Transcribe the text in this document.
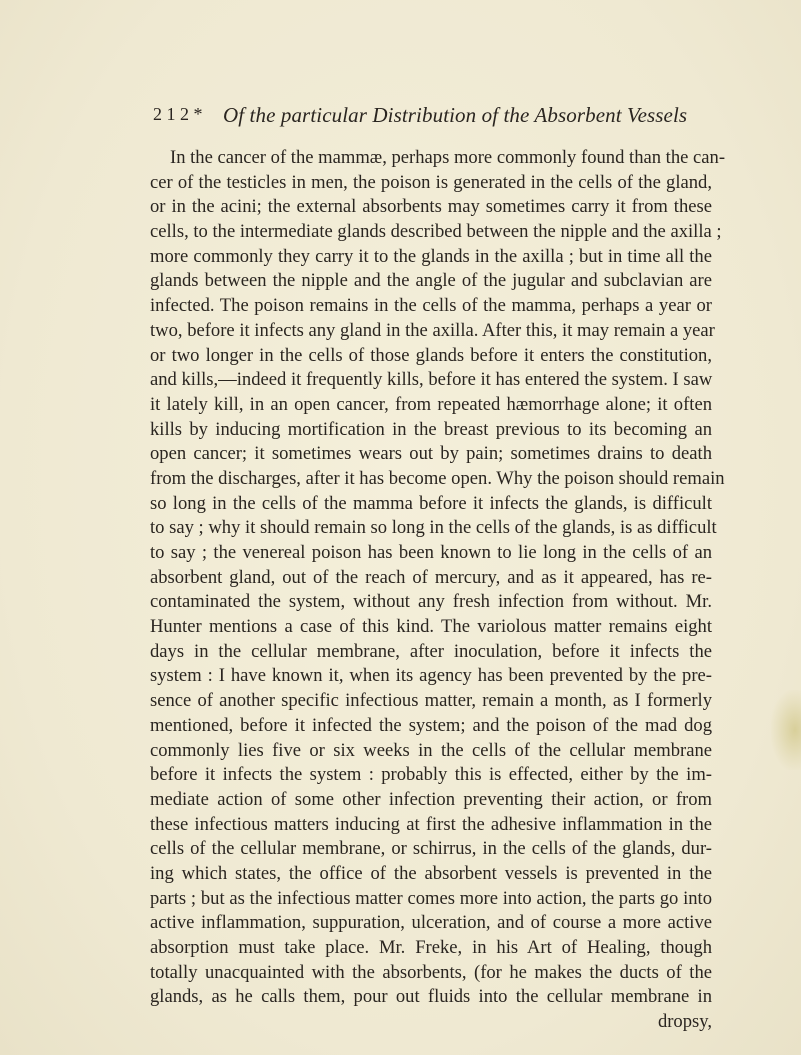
2 1 2 * Of the particular Distribution of the Absorbent Vessels
In the cancer of the mammæ, perhaps more commonly found than the can-
cer of the testicles in men, the poison is generated in the cells of the gland,
or in the acini; the external absorbents may sometimes carry it from these
cells, to the intermediate glands described between the nipple and the axilla ;
more commonly they carry it to the glands in the axilla ; but in time all the
glands between the nipple and the angle of the jugular and subclavian are
infected. The poison remains in the cells of the mamma, perhaps a year or
two, before it infects any gland in the axilla. After this, it may remain a year
or two longer in the cells of those glands before it enters the constitution,
and kills,—indeed it frequently kills, before it has entered the system. I saw
it lately kill, in an open cancer, from repeated hæmorrhage alone; it often
kills by inducing mortification in the breast previous to its becoming an
open cancer; it sometimes wears out by pain; sometimes drains to death
from the discharges, after it has become open. Why the poison should remain
so long in the cells of the mamma before it infects the glands, is difficult
to say ; why it should remain so long in the cells of the glands, is as difficult
to say ; the venereal poison has been known to lie long in the cells of an
absorbent gland, out of the reach of mercury, and as it appeared, has re-
contaminated the system, without any fresh infection from without. Mr.
Hunter mentions a case of this kind. The variolous matter remains eight
days in the cellular membrane, after inoculation, before it infects the
system : I have known it, when its agency has been prevented by the pre-
sence of another specific infectious matter, remain a month, as I formerly
mentioned, before it infected the system; and the poison of the mad dog
commonly lies five or six weeks in the cells of the cellular membrane
before it infects the system : probably this is effected, either by the im-
mediate action of some other infection preventing their action, or from
these infectious matters inducing at first the adhesive inflammation in the
cells of the cellular membrane, or schirrus, in the cells of the glands, dur-
ing which states, the office of the absorbent vessels is prevented in the
parts ; but as the infectious matter comes more into action, the parts go into
active inflammation, suppuration, ulceration, and of course a more active
absorption must take place. Mr. Freke, in his Art of Healing, though
totally unacquainted with the absorbents, (for he makes the ducts of the
glands, as he calls them, pour out fluids into the cellular membrane in
dropsy,
